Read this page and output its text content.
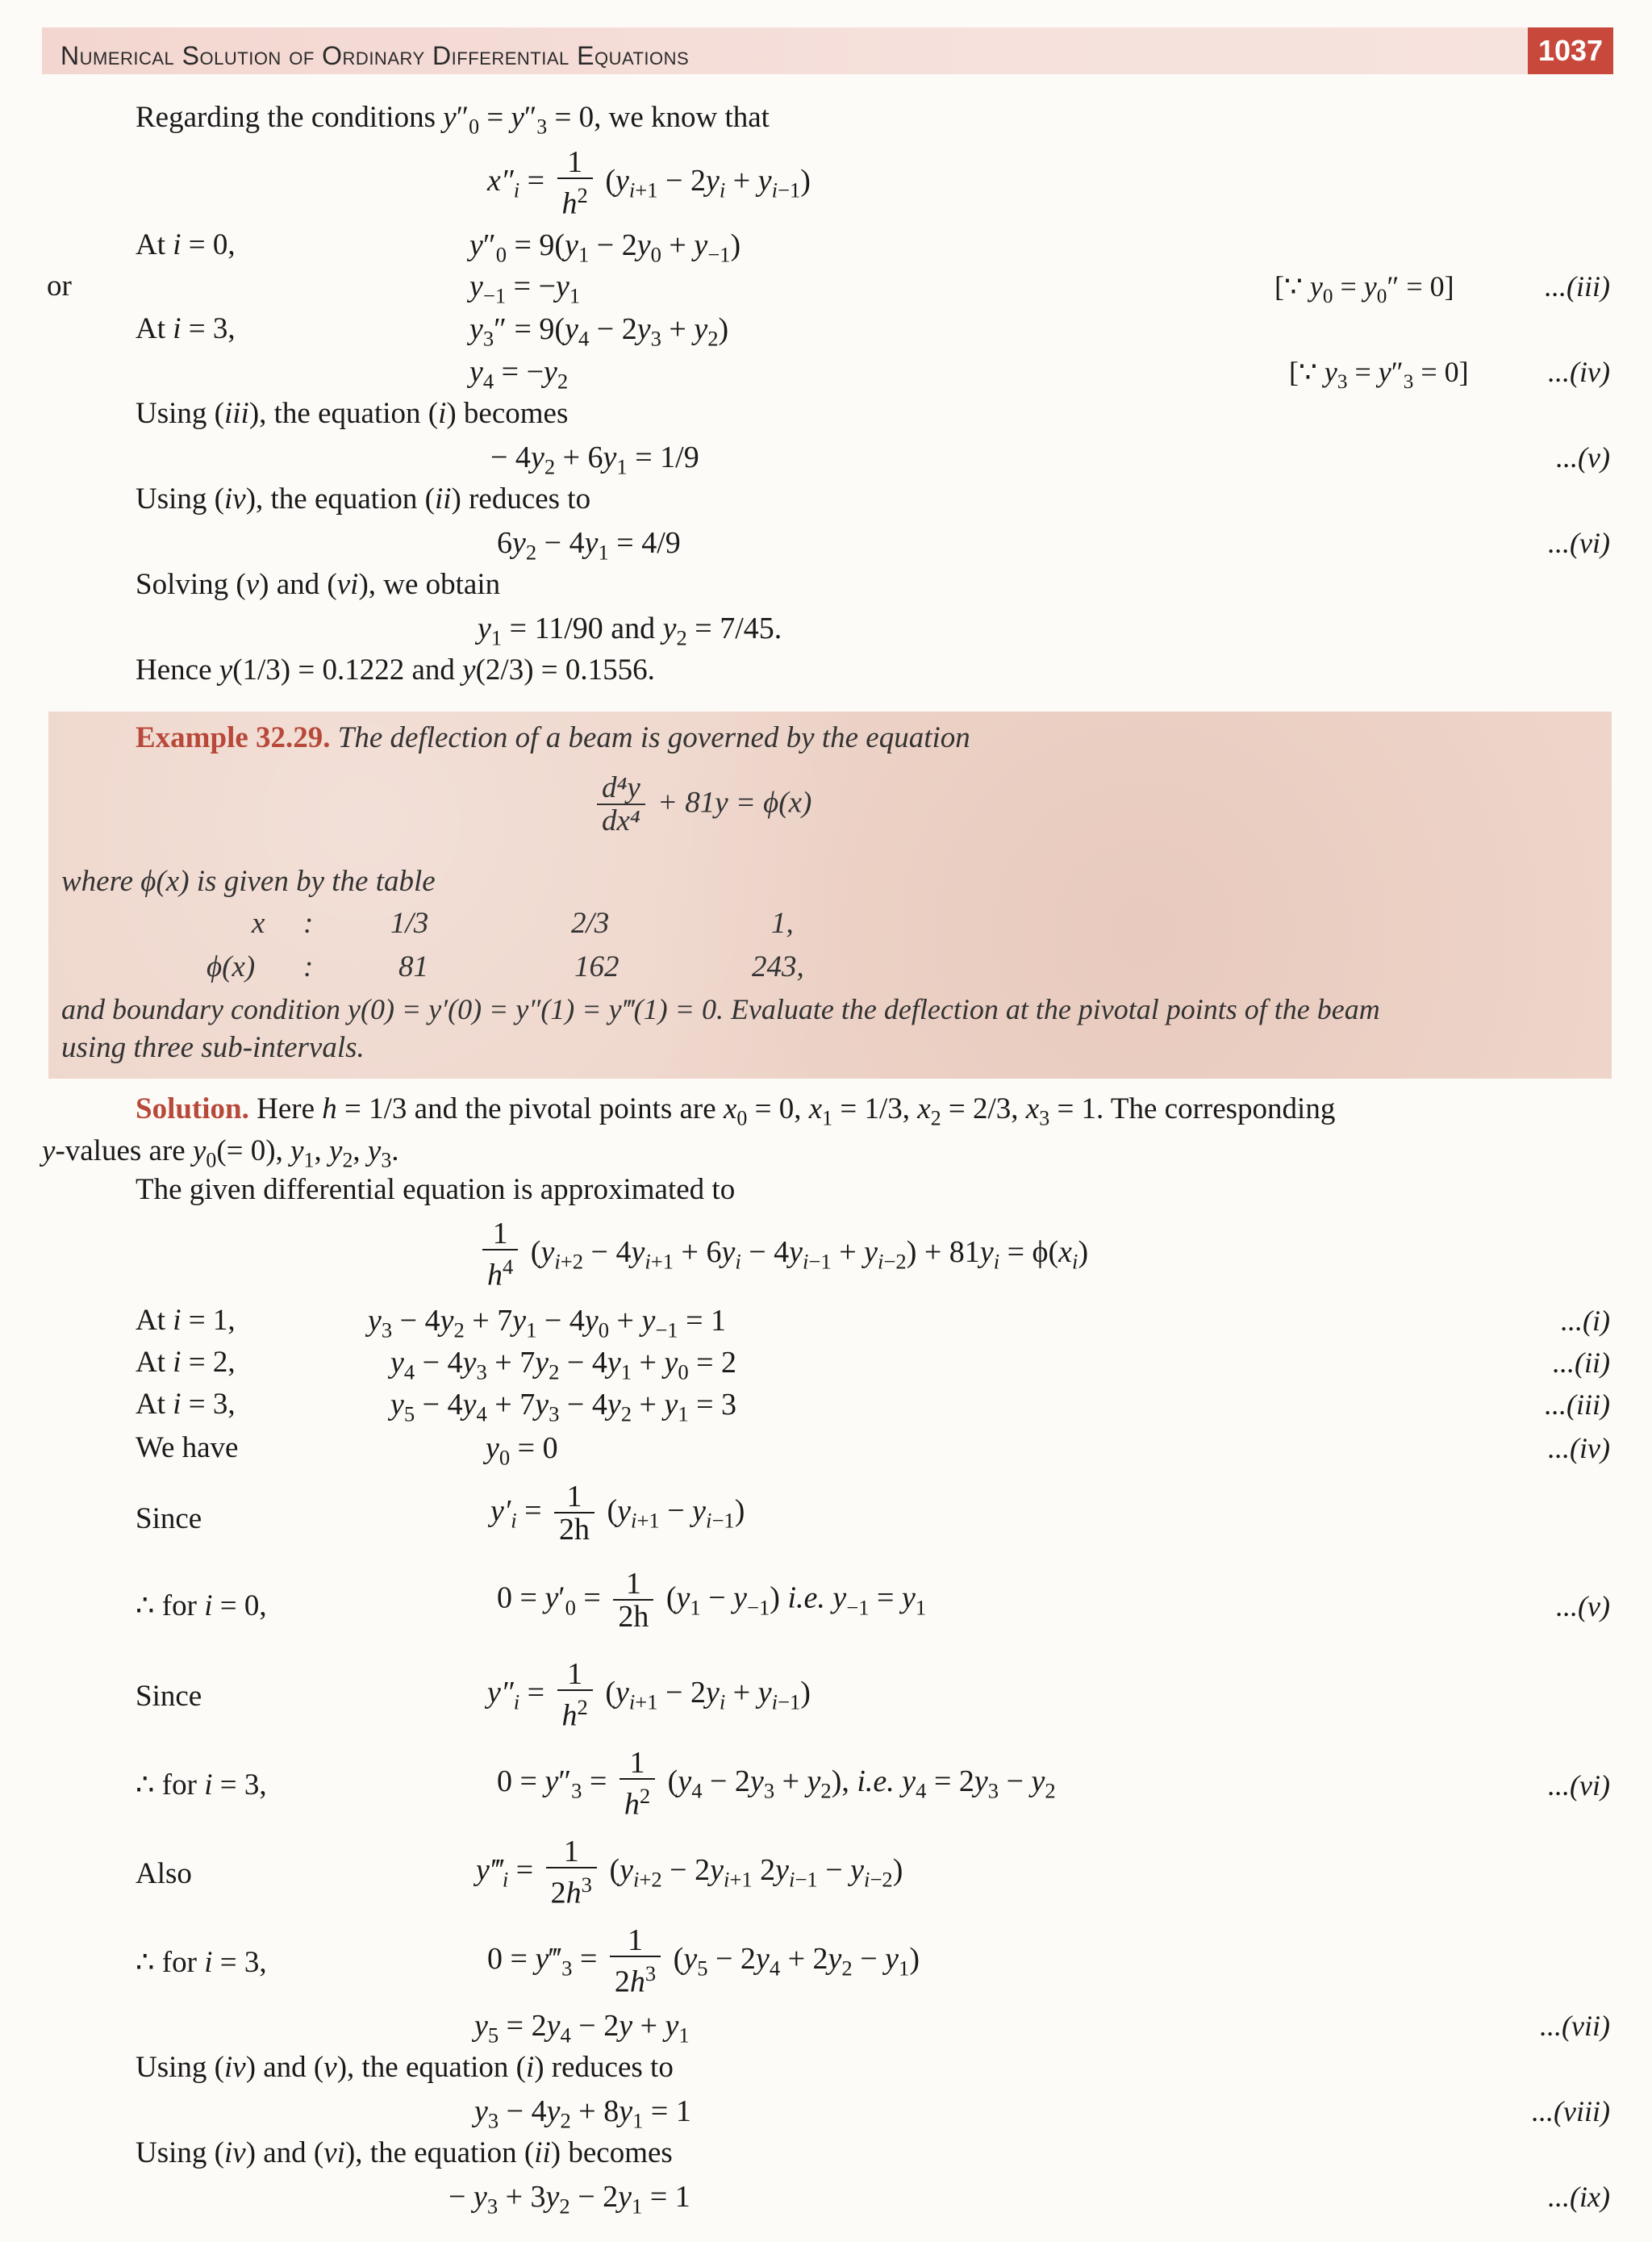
Numerical Solution of Ordinary Differential Equations	1037
Regarding the conditions $y''_0 = y''_3 = 0$, we know that
$x''_i = \frac{1}{h^2} (y_{i+1} - 2y_i + y_{i-1})$
At i = 0,	$y''_0 = 9(y_1 - 2y_0 + y_{-1})$
or	$y_{-1} = -y_1$	[∵ $y_0 = y_0'' = 0$]	...(iii)
At i = 3,	$y_3'' = 9(y_4 - 2y_3 + y_2)$
$y_4 = -y_2$	[∵ $y_3 = y''_3 = 0$]	...(iv)
Using (iii), the equation (i) becomes
− $4y_2 + 6y_1 = 1/9$	...(v)
Using (iv), the equation (ii) reduces to
$6y_2 - 4y_1 = 4/9$	...(vi)
Solving (v) and (vi), we obtain
$y_1 = 11/90$ and $y_2 = 7/45$.
Hence y(1/3) = 0.1222 and y(2/3) = 0.1556.
Example 32.29. The deflection of a beam is governed by the equation
$\frac{\text{d⁴y}}{\text{dx⁴}} + 81y = \phi(x)$
where ϕ(x) is given by the table
x :	1/3	2/3	1,
ϕ(x) :	81	162	243,
and boundary condition y(0) = y′(0) = y″(1) = y‴(1) = 0. Evaluate the deflection at the pivotal points of the beam
using three sub-intervals.
Solution. Here h = 1/3 and the pivotal points are $x_0 = 0$, $x_1 = 1/3$, $x_2 = 2/3$, $x_3 = 1$. The corresponding
y-values are $y_0(= 0)$, $y_1$, $y_2$, $y_3$.
The given differential equation is approximated to
$\frac{1}{h^4} (y_{i+2} - 4y_{i+1} + 6y_i - 4y_{i-1} + y_{i-2}) + 81y_i = \phi(x_i)$
At i = 1,	$y_3 - 4y_2 + 7y_1 - 4y_0 + y_{-1} = 1$	...(i)
At i = 2,	$y_4 - 4y_3 + 7y_2 - 4y_1 + y_0 = 2$	...(ii)
At i = 3,	$y_5 - 4y_4 + 7y_3 - 4y_2 + y_1 = 3$	...(iii)
We have	$y_0 = 0$	...(iv)
Since	$y'_i = \frac{1}{2h} (y_{i+1} - y_{i-1})$
∴ for i = 0,	$0 = y'_0 = \frac{1}{2h} (y_1 - y_{-1})$ i.e. $y_{-1} = y_1$	...(v)
Since	$y''_i = \frac{1}{h^2} (y_{i+1} - 2y_i + y_{i-1})$
∴ for i = 3,	$0 = y''_3 = \frac{1}{h^2} (y_4 - 2y_3 + y_2)$, i.e. $y_4 = 2y_3 - y_2$	...(vi)
Also	$y‴_i = \frac{1}{2h^3} (y_{i+2} - 2y_{i+1}$ $2y_{i-1} - y_{i-2}$)
∴ for i = 3,	$0 = y‴_3 = \frac{1}{2h^3} (y_5 - 2y_4 + 2y_2 - y_1)$
$y_5 = 2y_4 - 2y + y_1$	...(vii)
Using (iv) and (v), the equation (i) reduces to
$y_3 - 4y_2 + 8y_1 = 1$	...(viii)
Using (iv) and (vi), the equation (ii) becomes
− $y_3 + 3y_2 - 2y_1 = 1$	...(ix)
